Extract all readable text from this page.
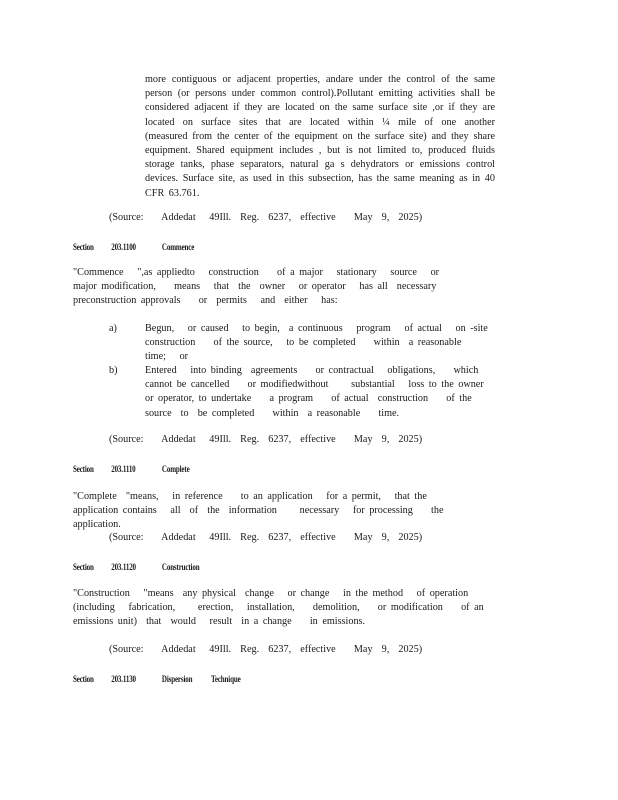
more contiguous or adjacent properties, andare under the control of the same person (or persons under common control).Pollutant emitting activities shall be considered adjacent if they are located on the same surface site ,or if they are located on surface sites that are located within ¼ mile of one another (measured from the center of the equipment on the surface site) and they share equipment. Shared equipment includes , but is not limited to, produced fluids storage tanks, phase separators, natural ga s dehydrators or emissions control devices. Surface site, as used in this subsection, has the same meaning as in 40 CFR 63.761.

(Source:    Addedat   49Ill.  Reg.  6237,  effective    May  9,  2025)

Section 203.1100	Commence

"Commence   ",as appliedto   construction    of a major   stationary   source   or major modification,    means   that  the  owner   or operator   has all  necessary   preconstruction approvals    or  permits   and  either   has:

a)	Begun,   or caused   to begin,  a continuous   program   of actual   on -site construction    of the source,   to be completed    within  a reasonable   time;   or

b)	Entered   into binding  agreements    or contractual   obligations,    which  cannot be cancelled    or modifiedwithout     substantial   loss to the owner   or operator, to undertake    a program    of actual  construction    of the source  to  be completed    within  a reasonable    time.

(Source:    Addedat   49Ill.  Reg.  6237,  effective    May  9,  2025)

Section 203.1110	Complete

"Complete  "means,   in reference    to an application   for a permit,   that the application contains   all  of  the  information     necessary   for processing    the application.

(Source:    Addedat   49Ill.  Reg.  6237,  effective    May  9,  2025)

Section 203.1120	Construction

"Construction   "means  any physical  change   or change   in the method   of operation (including   fabrication,     erection,   installation,    demolition,    or modification    of an emissions unit)  that  would   result  in a change    in emissions.

(Source:    Addedat   49Ill.  Reg.  6237,  effective    May  9,  2025)

Section 203.1130	Dispersion Technique
